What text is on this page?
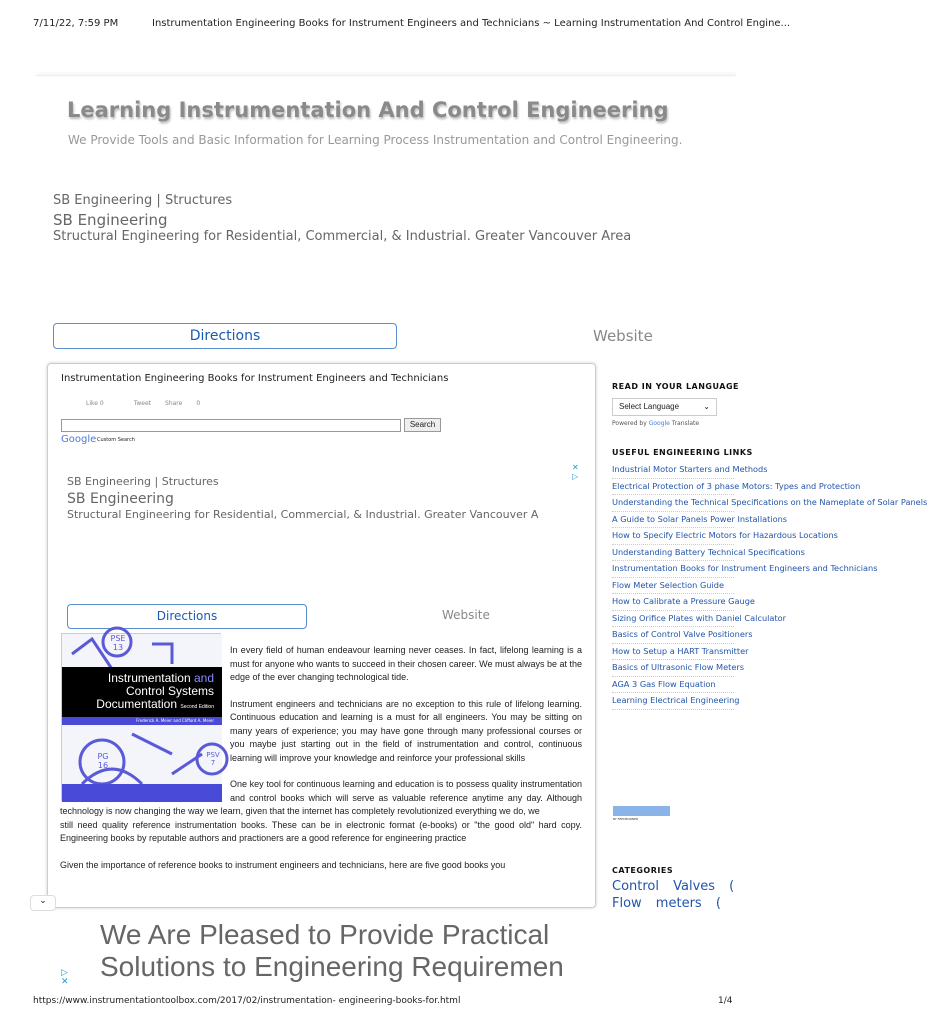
7/11/22, 7:59 PM	Instrumentation Engineering Books for Instrument Engineers and Technicians ~ Learning Instrumentation And Control Engine...
Learning Instrumentation And Control Engineering
We Provide Tools and Basic Information for Learning Process Instrumentation and Control Engineering.
SB Engineering | Structures
SB Engineering
Structural Engineering for Residential, Commercial, & Industrial. Greater Vancouver Area
Directions	Website
Instrumentation Engineering Books for Instrument Engineers and Technicians
Like 0	Tweet Share 0
Search
Google Custom Search
SB Engineering | Structures
SB Engineering
Structural Engineering for Residential, Commercial, & Industrial. Greater Vancouver A
✕
▷
Directions	Website
Instrumentation and
Control Systems
Documentation Second Edition
Frederick A. Meier and Clifford A. Meier
PSE 13
PG 16
PSV 7

In every field of human endeavour learning never ceases. In fact, lifelong learning is a must for anyone who wants to succeed in their chosen career. We must always be at the edge of the ever changing technological tide.

Instrument engineers and technicians are no exception to this rule of lifelong learning. Continuous education and learning is a must for all engineers. You may be sitting on many years of experience; you may have gone through many professional courses or you maybe just starting out in the field of instrumentation and control, continuous learning will improve your knowledge and reinforce your professional skills

One key tool for continuous learning and education is to possess quality instrumentation and control books which will serve as valuable reference anytime any day. Although technology is now changing the way we learn, given that the internet has completely revolutionized everything we do, we

still need quality reference instrumentation books. These can be in electronic format (e-books) or "the good old" hard copy. Engineering books by reputable authors and practioners are a good reference for engineering practice

Given the importance of reference books to instrument engineers and technicians, here are five good books you

⌄
READ IN YOUR LANGUAGE
Select Language	⌄
Powered by Google Translate
USEFUL ENGINEERING LINKS
Industrial Motor Starters and Methods
Electrical Protection of 3 phase Motors: Types and Protection
Understanding the Technical Specifications on the Nameplate of Solar Panels
A Guide to Solar Panels Power Installations
How to Specify Electric Motors for Hazardous Locations
Understanding Battery Technical Specifications
Instrumentation Books for Instrument Engineers and Technicians
Flow Meter Selection Guide
How to Calibrate a Pressure Gauge
Sizing Orifice Plates with Daniel Calculator
Basics of Control Valve Positioners
How to Setup a HART Transmitter
Basics of Ultrasonic Flow Meters
AGA 3 Gas Flow Equation
Learning Electrical Engineering
BY FEEDBURNER
CATEGORIES
Control Valves (
Flow meters (
We Are Pleased to Provide Practical
Solutions to Engineering Requiremen
▷
✕
https://www.instrumentationtoolbox.com/2017/02/instrumentation- engineering-books-for.html	1/4
